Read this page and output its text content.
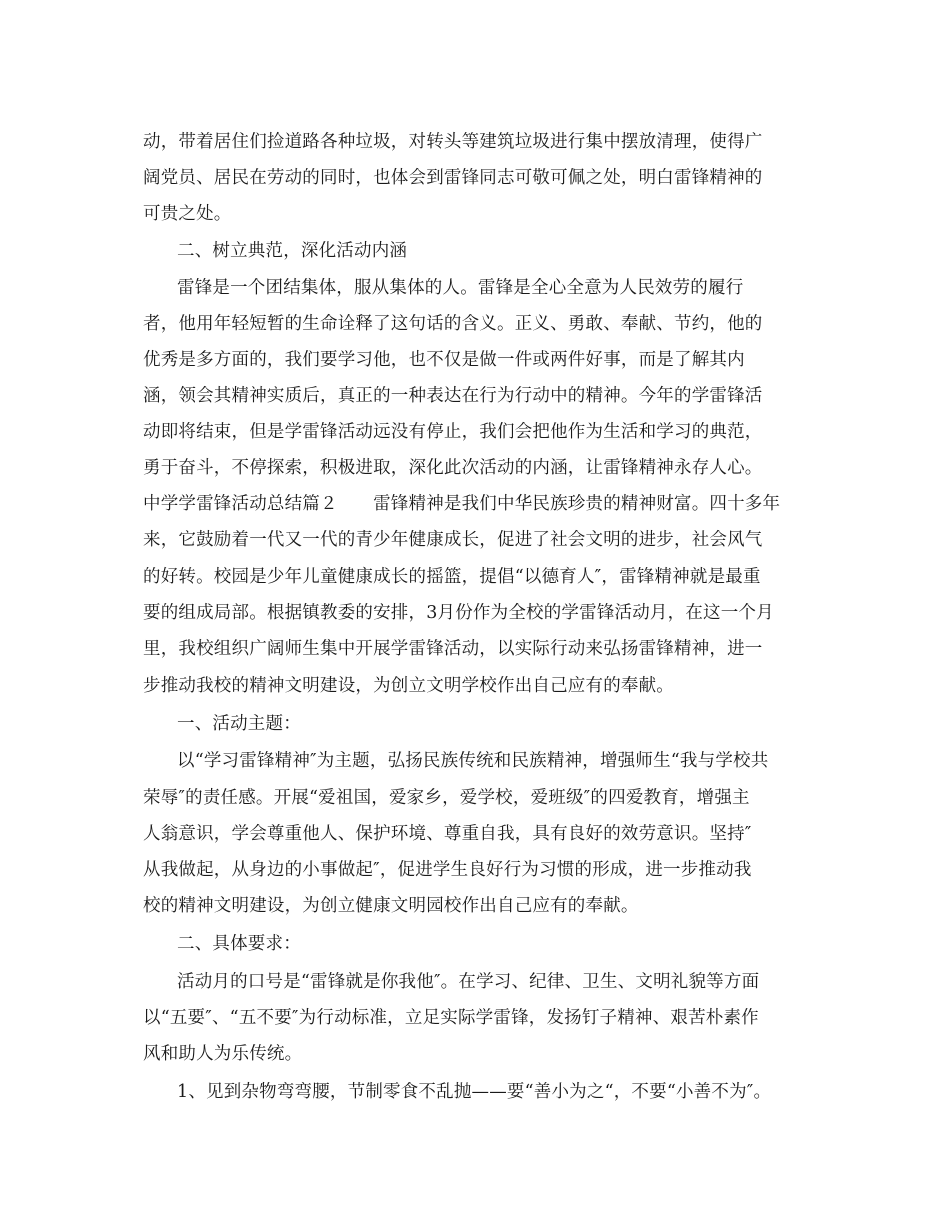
动，带着居住们捡道路各种垃圾，对转头等建筑垃圾进行集中摆放清理，使得广
阔党员、居民在劳动的同时，也体会到雷锋同志可敬可佩之处，明白雷锋精神的
可贵之处。
二、树立典范，深化活动内涵
雷锋是一个团结集体，服从集体的人。雷锋是全心全意为人民效劳的履行
者，他用年轻短暂的生命诠释了这句话的含义。正义、勇敢、奉献、节约，他的
优秀是多方面的，我们要学习他，也不仅是做一件或两件好事，而是了解其内
涵，领会其精神实质后，真正的一种表达在行为行动中的精神。今年的学雷锋活
动即将结束，但是学雷锋活动远没有停止，我们会把他作为生活和学习的典范，
勇于奋斗，不停探索，积极进取，深化此次活动的内涵，让雷锋精神永存人心。
中学学雷锋活动总结篇２　　雷锋精神是我们中华民族珍贵的精神财富。四十多年
来，它鼓励着一代又一代的青少年健康成长，促进了社会文明的进步，社会风气
的好转。校园是少年儿童健康成长的摇篮，提倡“以德育人″，雷锋精神就是最重
要的组成局部。根据镇教委的安排，3月份作为全校的学雷锋活动月，在这一个月
里，我校组织广阔师生集中开展学雷锋活动，以实际行动来弘扬雷锋精神，进一
步推动我校的精神文明建设，为创立文明学校作出自己应有的奉献。
一、活动主题：
以“学习雷锋精神″为主题，弘扬民族传统和民族精神，增强师生“我与学校共
荣辱″的责任感。开展“爱祖国，爱家乡，爱学校，爱班级″的四爱教育，增强主
人翁意识，学会尊重他人、保护环境、尊重自我，具有良好的效劳意识。坚持″
从我做起，从身边的小事做起″，促进学生良好行为习惯的形成，进一步推动我
校的精神文明建设，为创立健康文明园校作出自己应有的奉献。
二、具体要求：
活动月的口号是“雷锋就是你我他″。在学习、纪律、卫生、文明礼貌等方面
以“五要″、“五不要″为行动标准，立足实际学雷锋，发扬钉子精神、艰苦朴素作
风和助人为乐传统。
1、见到杂物弯弯腰，节制零食不乱抛——要“善小为之“，不要“小善不为″。
